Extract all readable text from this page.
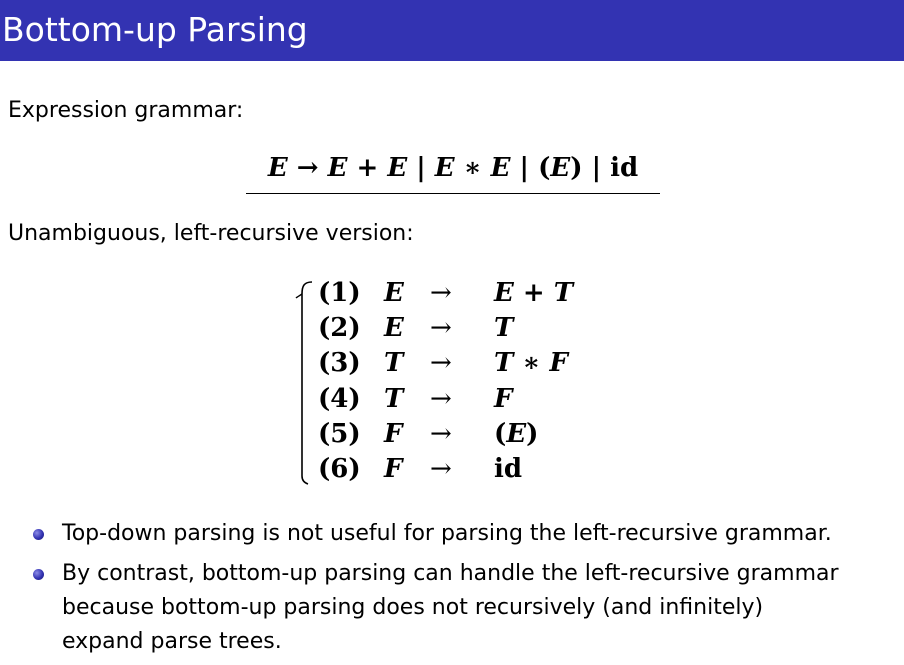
Bottom-up Parsing
Expression grammar:
E → E + E | E ∗ E | (E) | id
Unambiguous, left-recursive version:
(1)	E	→	E + T
(2)	E	→	T
(3)	T	→	T ∗ F
(4)	T	→	F
(5)	F	→	(E)
(6)	F	→	id
Top-down parsing is not useful for parsing the left-recursive grammar.
By contrast, bottom-up parsing can handle the left-recursive grammar
because bottom-up parsing does not recursively (and infinitely)
expand parse trees.
